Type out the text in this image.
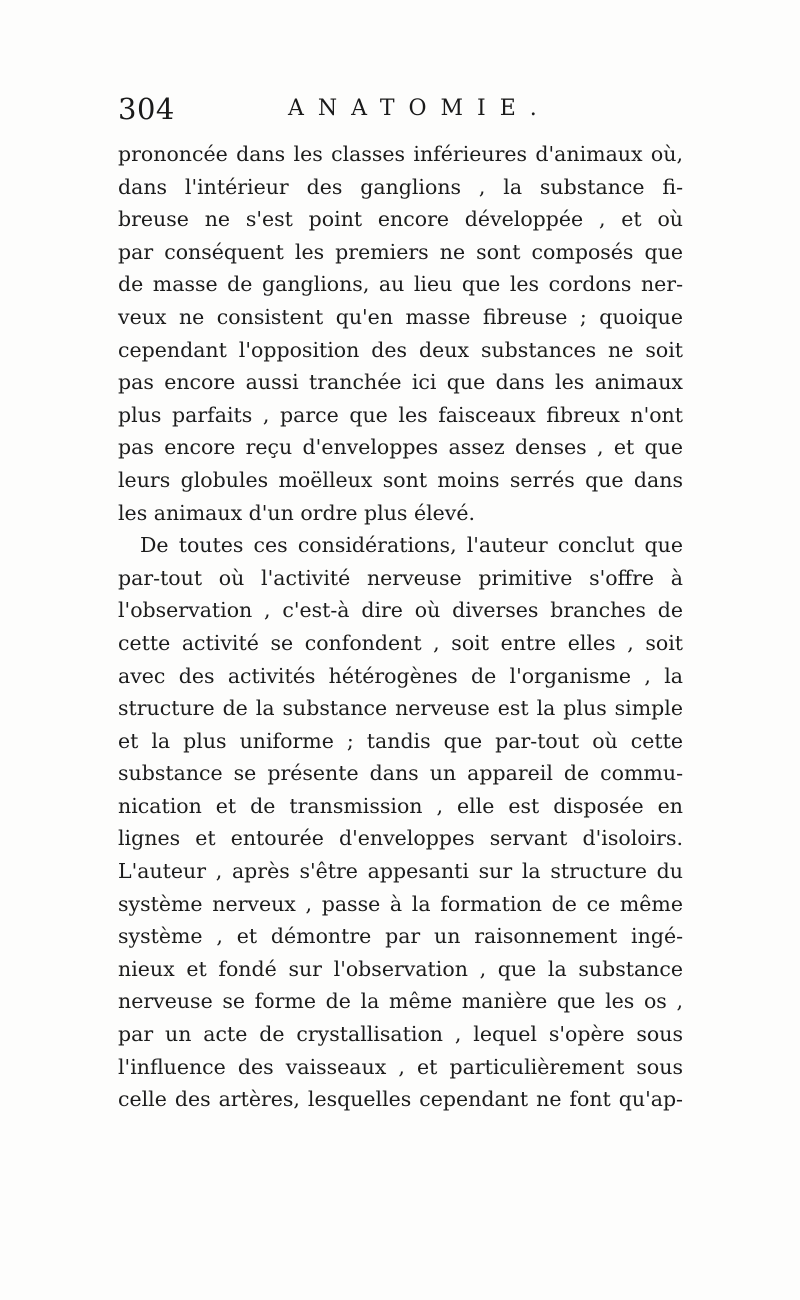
304	ANATOMIE.
prononcée dans les classes inférieures d'animaux où,
dans l'intérieur des ganglions , la substance fi-
breuse ne s'est point encore développée , et où
par conséquent les premiers ne sont composés que
de masse de ganglions, au lieu que les cordons ner-
veux ne consistent qu'en masse fibreuse ; quoique
cependant l'opposition des deux substances ne soit
pas encore aussi tranchée ici que dans les animaux
plus parfaits , parce que les faisceaux fibreux n'ont
pas encore reçu d'enveloppes assez denses , et que
leurs globules moëlleux sont moins serrés que dans
les animaux d'un ordre plus élevé.
De toutes ces considérations, l'auteur conclut que
par-tout où l'activité nerveuse primitive s'offre à
l'observation , c'est-à dire où diverses branches de
cette activité se confondent , soit entre elles , soit
avec des activités hétérogènes de l'organisme , la
structure de la substance nerveuse est la plus simple
et la plus uniforme ; tandis que par-tout où cette
substance se présente dans un appareil de commu-
nication et de transmission , elle est disposée en
lignes et entourée d'enveloppes servant d'isoloirs.
L'auteur , après s'être appesanti sur la structure du
système nerveux , passe à la formation de ce même
système , et démontre par un raisonnement ingé-
nieux et fondé sur l'observation , que la substance
nerveuse se forme de la même manière que les os ,
par un acte de crystallisation , lequel s'opère sous
l'influence des vaisseaux , et particulièrement sous
celle des artères, lesquelles cependant ne font qu'ap-
